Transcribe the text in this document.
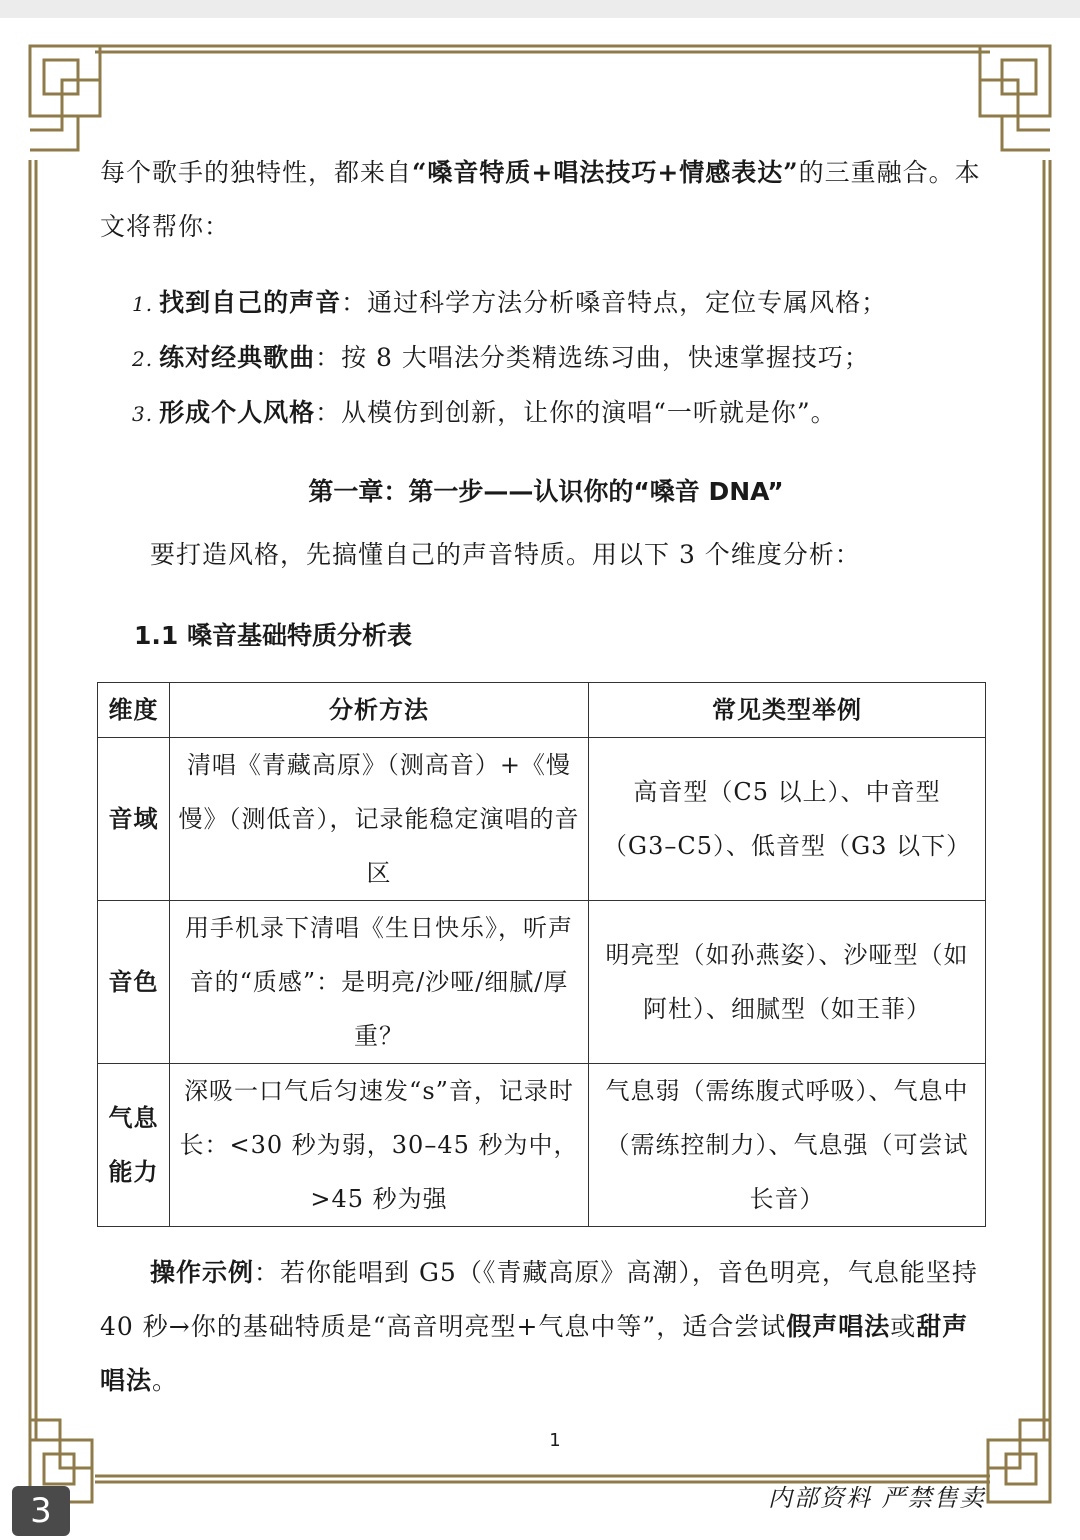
每个歌手的独特性，都来自“嗓音特质+唱法技巧+情感表达”的三重融合。本文将帮你：

1. 找到自己的声音：通过科学方法分析嗓音特点，定位专属风格；
2. 练对经典歌曲：按 8 大唱法分类精选练习曲，快速掌握技巧；
3. 形成个人风格：从模仿到创新，让你的演唱“一听就是你”。
第一章：第一步——认识你的“嗓音 DNA”

要打造风格，先搞懂自己的声音特质。用以下 3 个维度分析：

1.1 嗓音基础特质分析表
维度	分析方法	常见类型举例
音域	清唱《青藏高原》（测高音）+《慢慢》（测低音），记录能稳定演唱的音区	高音型（C5 以上）、中音型（G3–C5）、低音型（G3 以下）
音色	用手机录下清唱《生日快乐》，听声音的“质感”：是明亮/沙哑/细腻/厚重？	明亮型（如孙燕姿）、沙哑型（如阿杜）、细腻型（如王菲）
气息能力	深吸一口气后匀速发“s”音，记录时长：<30 秒为弱，30–45 秒为中，>45 秒为强	气息弱（需练腹式呼吸）、气息中（需练控制力）、气息强（可尝试长音）

操作示例：若你能唱到 G5（《青藏高原》高潮），音色明亮，气息能坚持 40 秒→你的基础特质是“高音明亮型+气息中等”，适合尝试假声唱法或甜声唱法。

1
内部资料 严禁售卖
3
